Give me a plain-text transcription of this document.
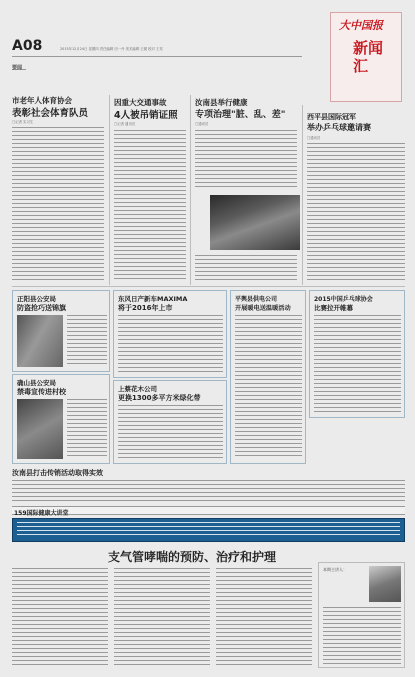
A08	2015年12月24日 星期四 责任编辑 田一丹 美术编辑 王媛 校对 王英
要闻
大中国报
新闻汇
市老年人体育协会
表彰社会体育队员
□记者 实习生
因重大交通事故
4人被吊销证照
□记者 通讯员
汝南县举行健康
专项治理"脏、乱、差"
□通讯员
西平县国际冠军
举办乒乓球邀请赛
□通讯员
正阳县公安局
防盗抢巧送锦旗
确山县公安局
禁毒宣传进村校
东风日产新车MAXIMA
将于2016年上市
上蔡花木公司
更换1300多平方米绿化带
平舆县供电公司
开展暖电送温暖活动
2015中国乒乓球协会
比赛拉开帷幕
汝南县打击传销活动取得实效
159国际健康大讲堂
支气管哮喘的预防、治疗和护理
本期主讲人：
